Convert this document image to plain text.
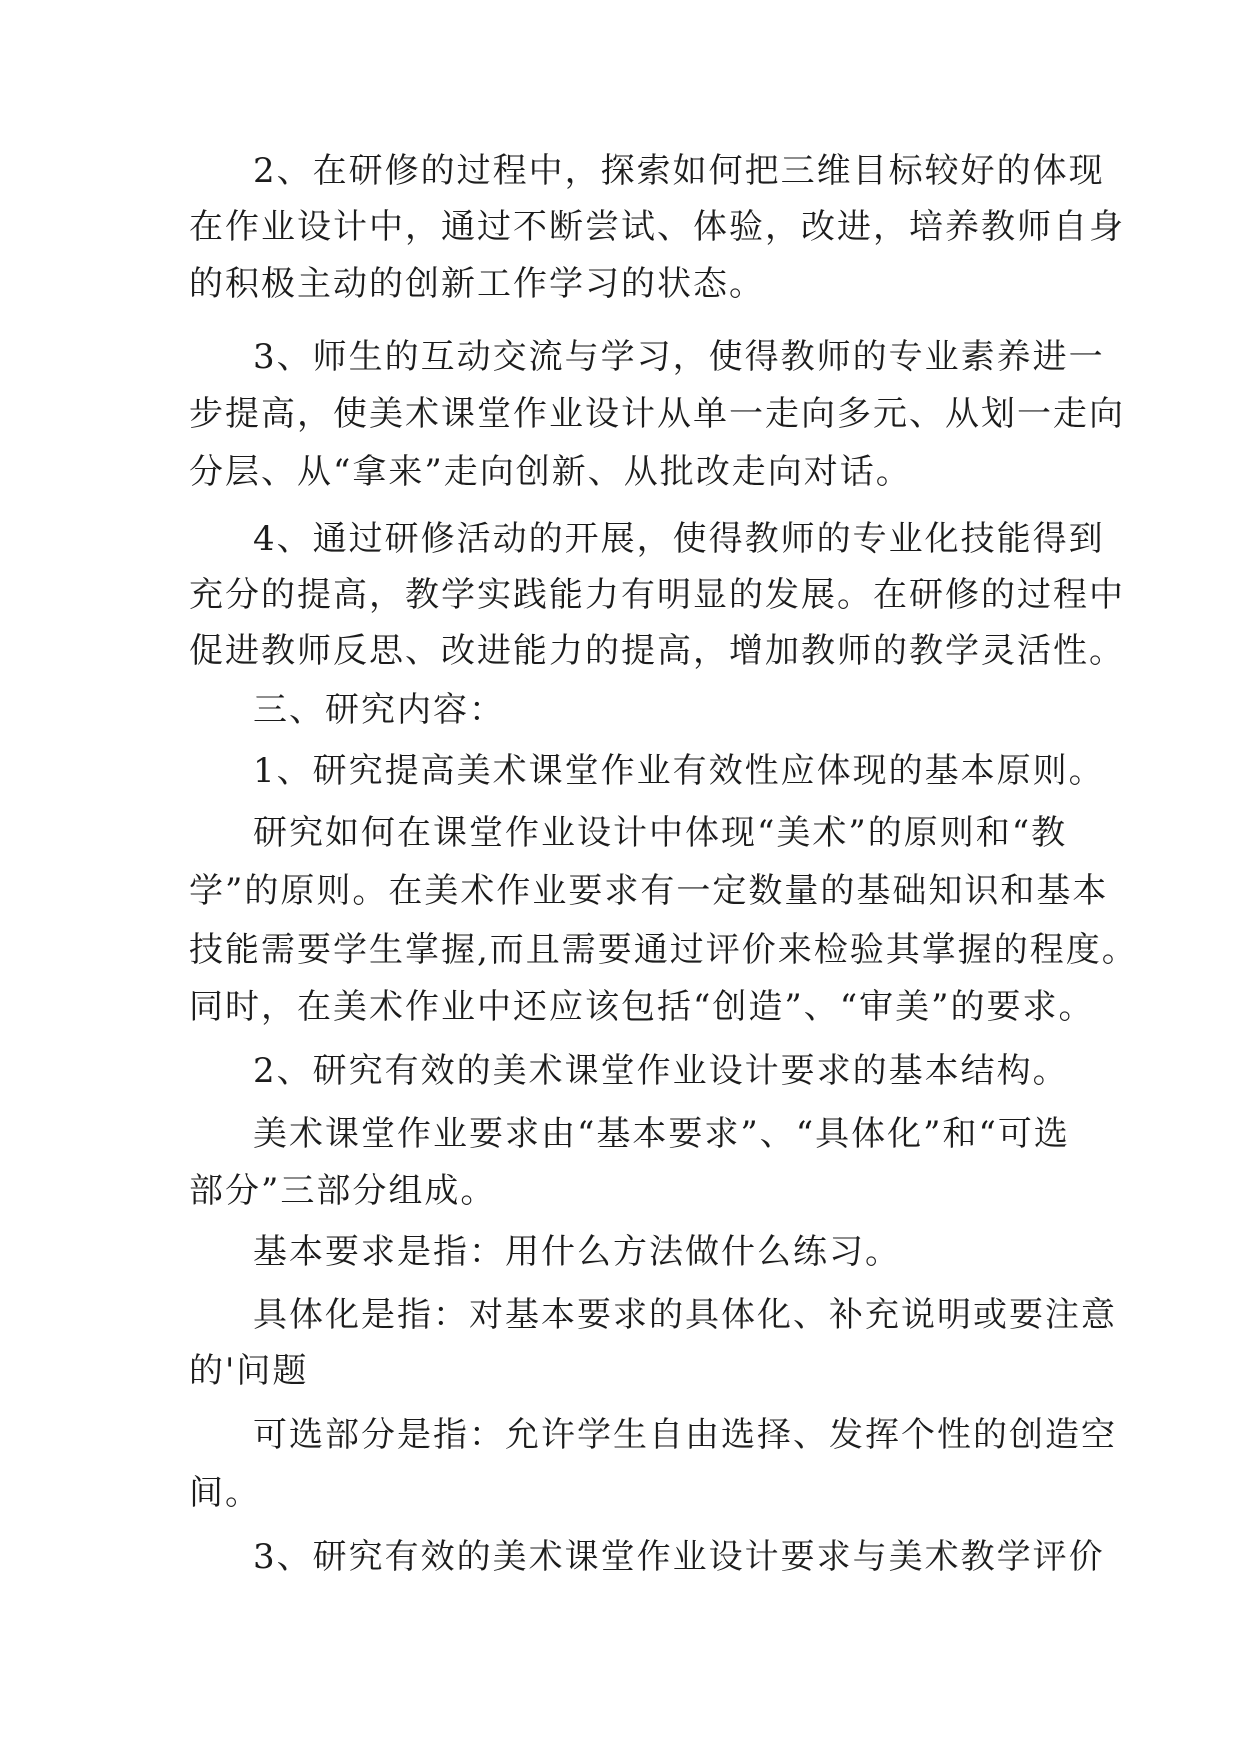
2、在研修的过程中，探索如何把三维目标较好的体现
在作业设计中，通过不断尝试、体验，改进，培养教师自身
的积极主动的创新工作学习的状态。
3、师生的互动交流与学习，使得教师的专业素养进一
步提高，使美术课堂作业设计从单一走向多元、从划一走向
分层、从“拿来”走向创新、从批改走向对话。
4、通过研修活动的开展，使得教师的专业化技能得到
充分的提高，教学实践能力有明显的发展。在研修的过程中
促进教师反思、改进能力的提高，增加教师的教学灵活性。
三、研究内容：
1、研究提高美术课堂作业有效性应体现的基本原则。
研究如何在课堂作业设计中体现“美术”的原则和“教
学”的原则。在美术作业要求有一定数量的基础知识和基本
技能需要学生掌握,而且需要通过评价来检验其掌握的程度。
同时，在美术作业中还应该包括“创造”、“审美”的要求。
2、研究有效的美术课堂作业设计要求的基本结构。
美术课堂作业要求由“基本要求”、“具体化”和“可选
部分”三部分组成。
基本要求是指：用什么方法做什么练习。
具体化是指：对基本要求的具体化、补充说明或要注意
的'问题
可选部分是指：允许学生自由选择、发挥个性的创造空
间。
3、研究有效的美术课堂作业设计要求与美术教学评价
